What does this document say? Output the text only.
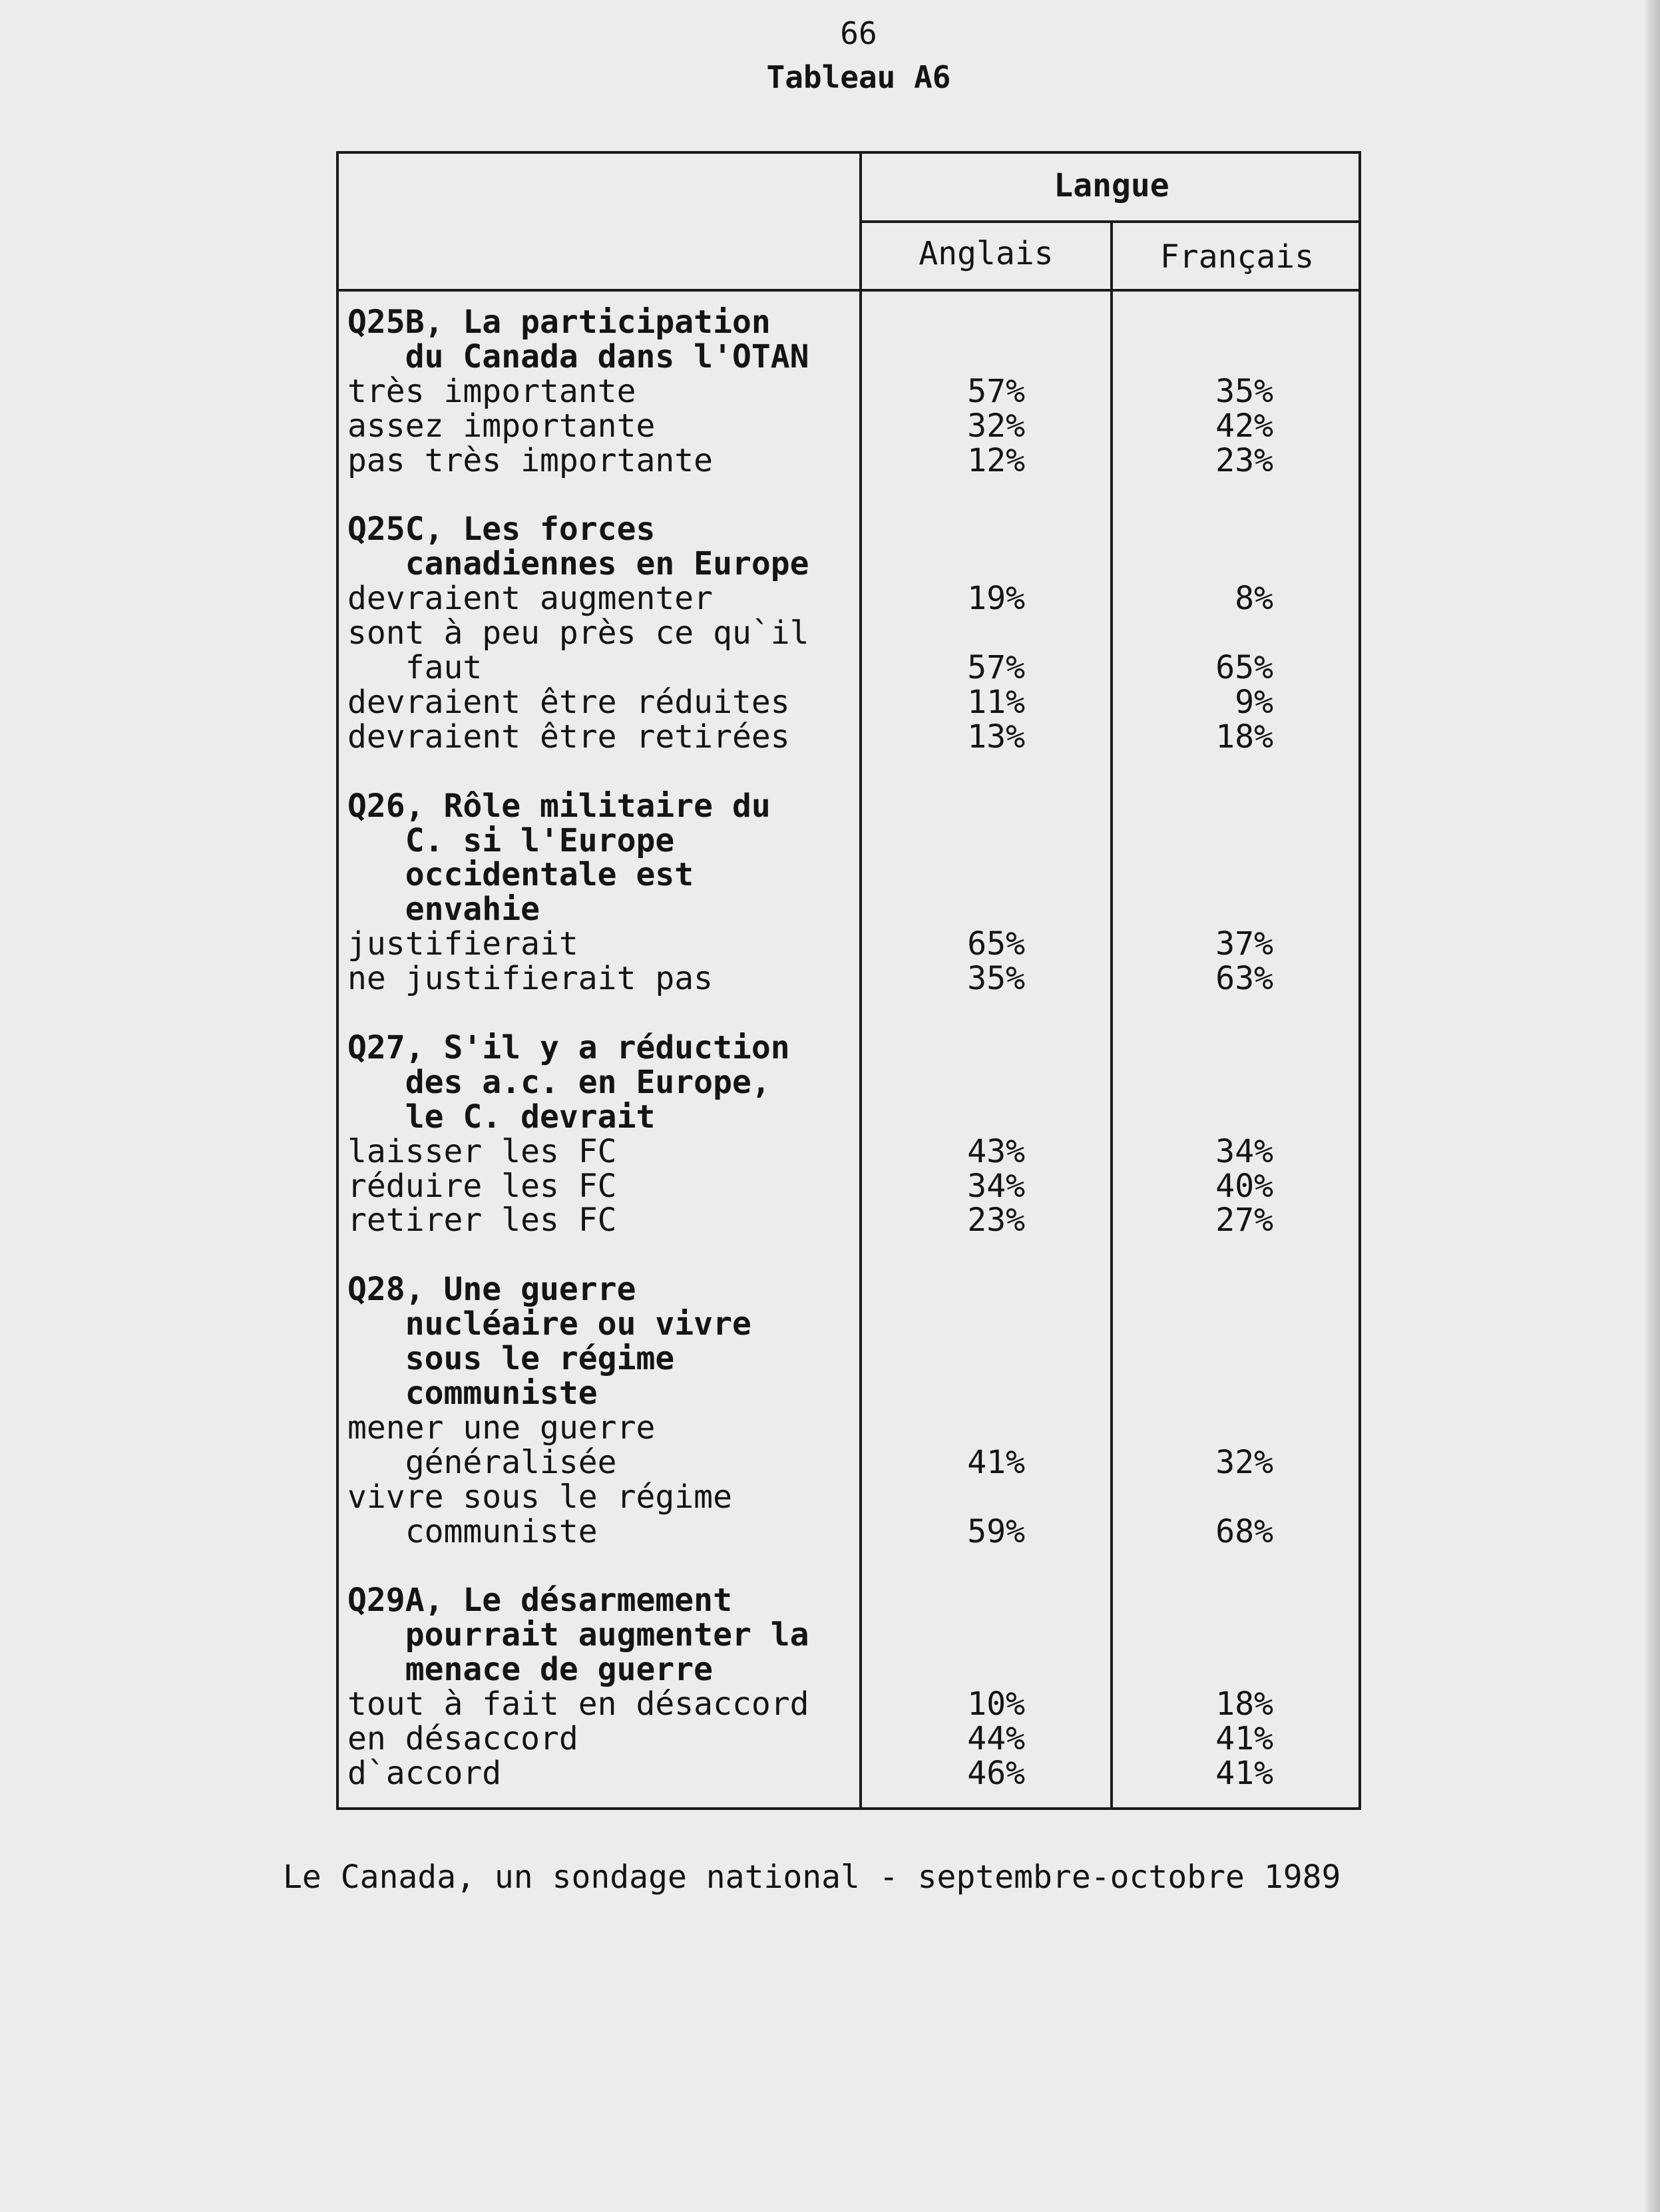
66
Tableau A6
Langue
Anglais	Français
Q25B, La participation
du Canada dans l'OTAN
très importante	57%	35%
assez importante	32%	42%
pas très importante	12%	23%
Q25C, Les forces
canadiennes en Europe
devraient augmenter	19%	8%
sont à peu près ce qu`il
faut	57%	65%
devraient être réduites	11%	9%
devraient être retirées	13%	18%
Q26, Rôle militaire du
C. si l'Europe
occidentale est
envahie
justifierait	65%	37%
ne justifierait pas	35%	63%
Q27, S'il y a réduction
des a.c. en Europe,
le C. devrait
laisser les FC	43%	34%
réduire les FC	34%	40%
retirer les FC	23%	27%
Q28, Une guerre
nucléaire ou vivre
sous le régime
communiste
mener une guerre
généralisée	41%	32%
vivre sous le régime
communiste	59%	68%
Q29A, Le désarmement
pourrait augmenter la
menace de guerre
tout à fait en désaccord	10%	18%
en désaccord	44%	41%
d`accord	46%	41%
Le Canada, un sondage national - septembre-octobre 1989
